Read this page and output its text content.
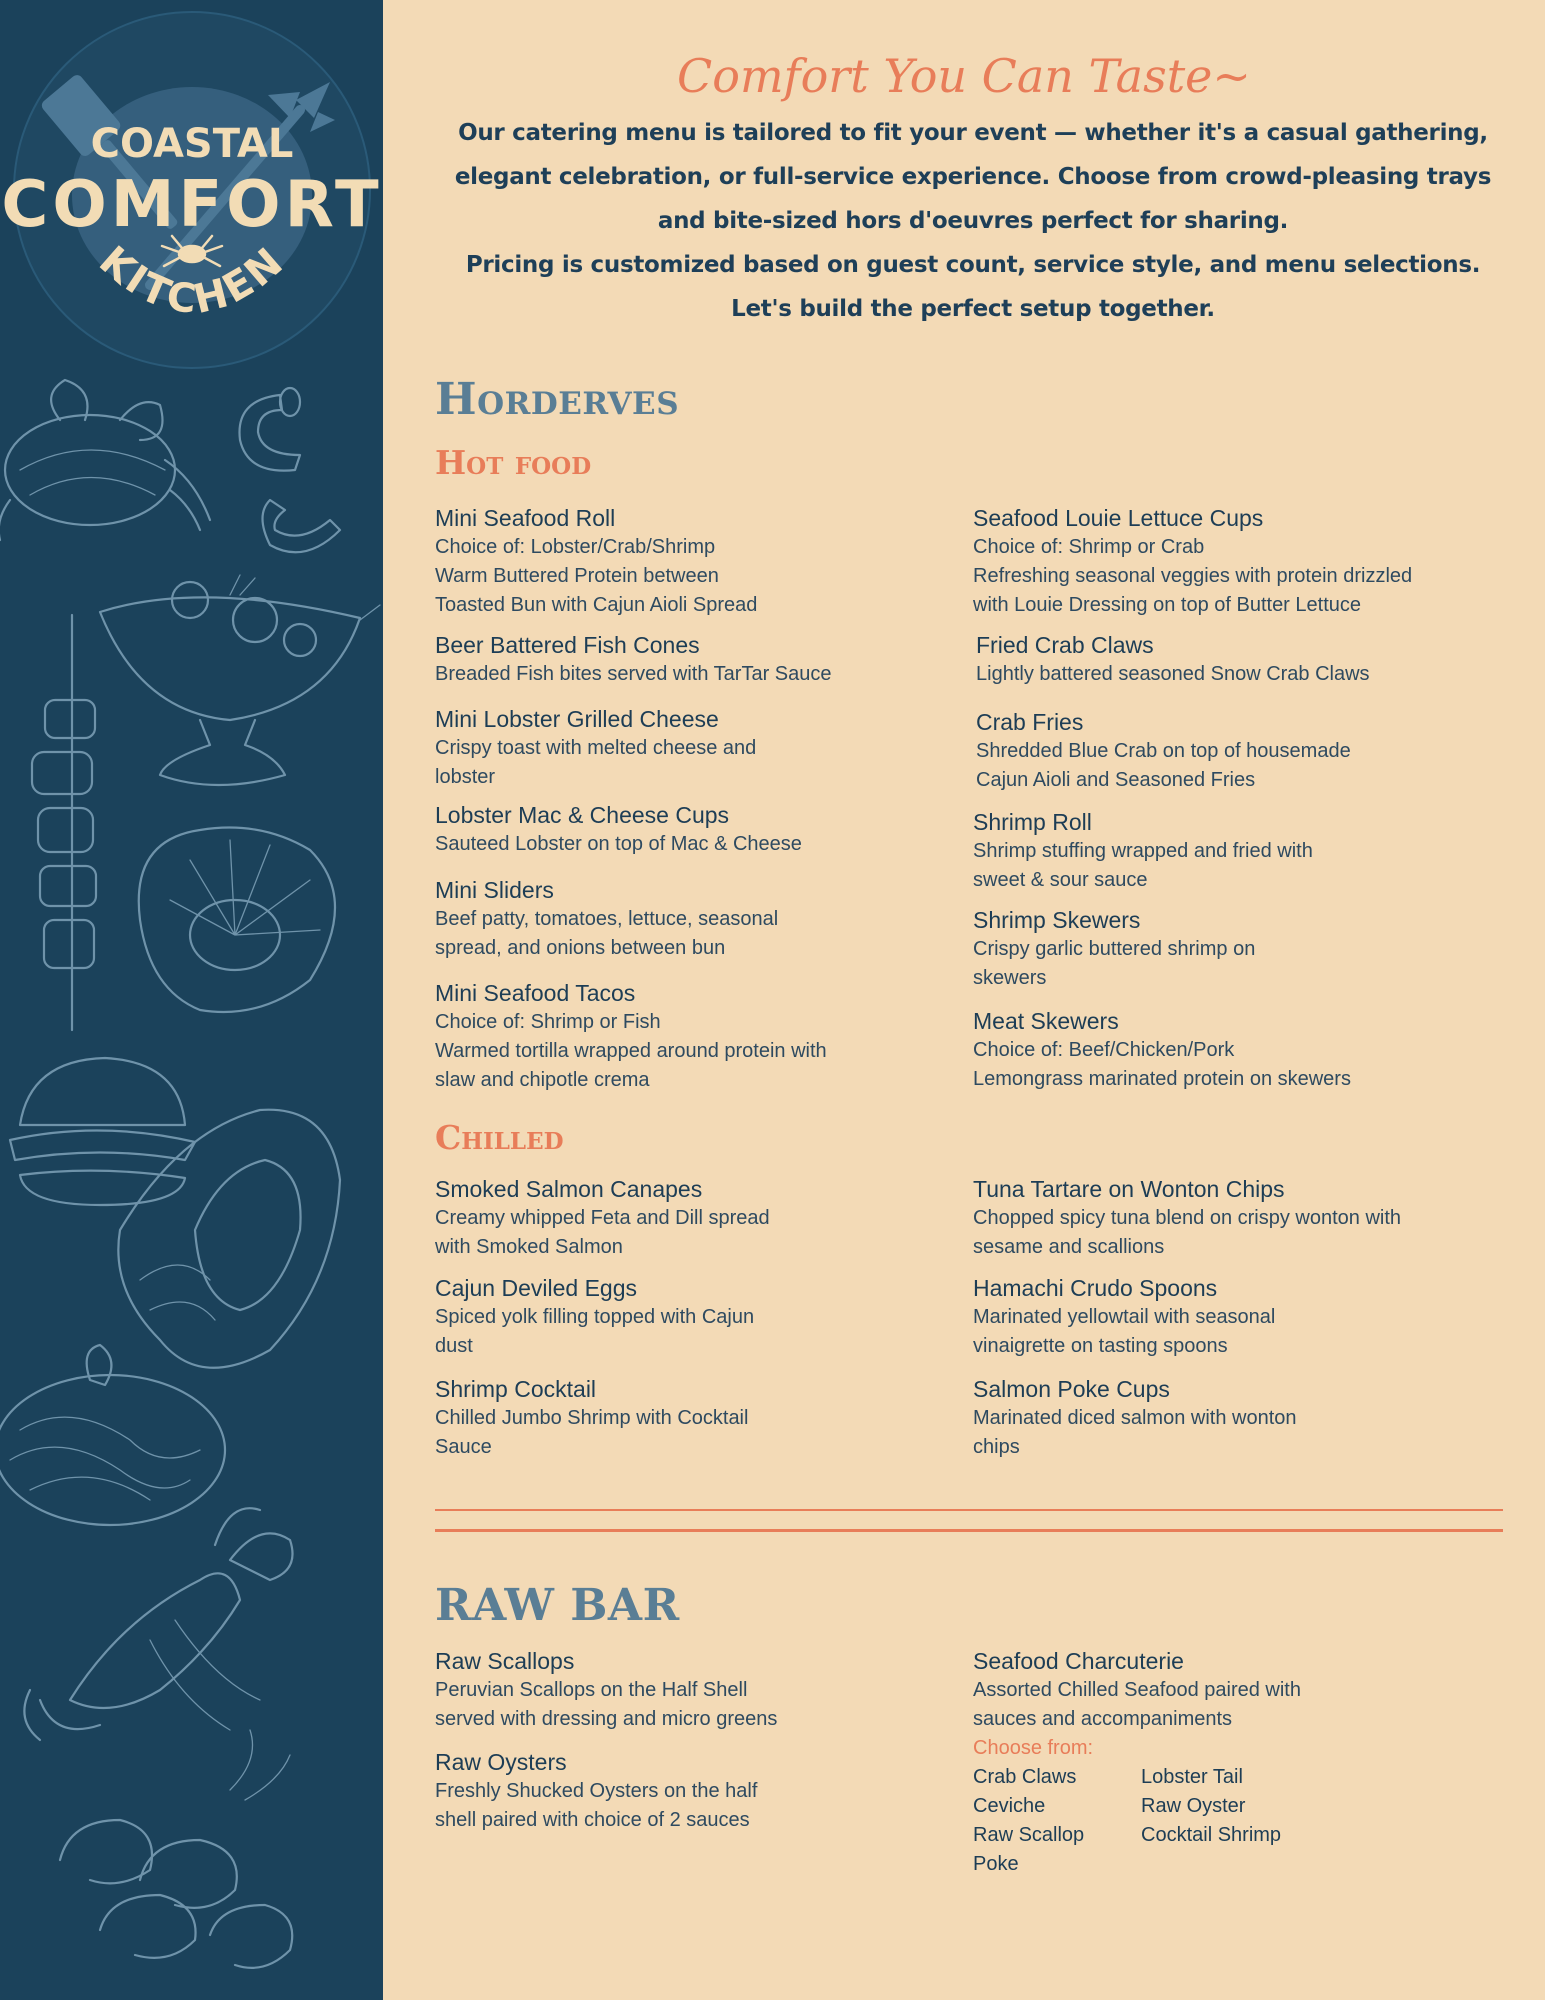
COASTAL
COMFORT
KITCHEN
Comfort You Can Taste~
Our catering menu is tailored to fit your event — whether it's a casual gathering, elegant celebration, or full-service experience. Choose from crowd-pleasing trays and bite-sized hors d'oeuvres perfect for sharing.
Pricing is customized based on guest count, service style, and menu selections. Let's build the perfect setup together.
Horderves
Hot food
Mini Seafood Roll
Choice of: Lobster/Crab/Shrimp
Warm Buttered Protein between
Toasted Bun with Cajun Aioli Spread
Beer Battered Fish Cones
Breaded Fish bites served with TarTar Sauce
Mini Lobster Grilled Cheese
Crispy toast with melted cheese and
lobster
Lobster Mac & Cheese Cups
Sauteed Lobster on top of Mac & Cheese
Mini Sliders
Beef patty, tomatoes, lettuce, seasonal
spread, and onions between bun
Mini Seafood Tacos
Choice of: Shrimp or Fish
Warmed tortilla wrapped around protein with
slaw and chipotle crema
Seafood Louie Lettuce Cups
Choice of: Shrimp or Crab
Refreshing seasonal veggies with protein drizzled
with Louie Dressing on top of Butter Lettuce
Fried Crab Claws
Lightly battered seasoned Snow Crab Claws
Crab Fries
Shredded Blue Crab on top of housemade
Cajun Aioli and Seasoned Fries
Shrimp Roll
Shrimp stuffing wrapped and fried with
sweet & sour sauce
Shrimp Skewers
Crispy garlic buttered shrimp on
skewers
Meat Skewers
Choice of: Beef/Chicken/Pork
Lemongrass marinated protein on skewers
Chilled
Smoked Salmon Canapes
Creamy whipped Feta and Dill spread
with Smoked Salmon
Cajun Deviled Eggs
Spiced yolk filling topped with Cajun
dust
Shrimp Cocktail
Chilled Jumbo Shrimp with Cocktail
Sauce
Tuna Tartare on Wonton Chips
Chopped spicy tuna blend on crispy wonton with
sesame and scallions
Hamachi Crudo Spoons
Marinated yellowtail with seasonal
vinaigrette on tasting spoons
Salmon Poke Cups
Marinated diced salmon with wonton
chips
RAW BAR
Raw Scallops
Peruvian Scallops on the Half Shell
served with dressing and micro greens
Raw Oysters
Freshly Shucked Oysters on the half
shell paired with choice of 2 sauces
Seafood Charcuterie
Assorted Chilled Seafood paired with
sauces and accompaniments
Choose from:
Crab Claws	Lobster Tail
Ceviche	Raw Oyster
Raw Scallop	Cocktail Shrimp
Poke
